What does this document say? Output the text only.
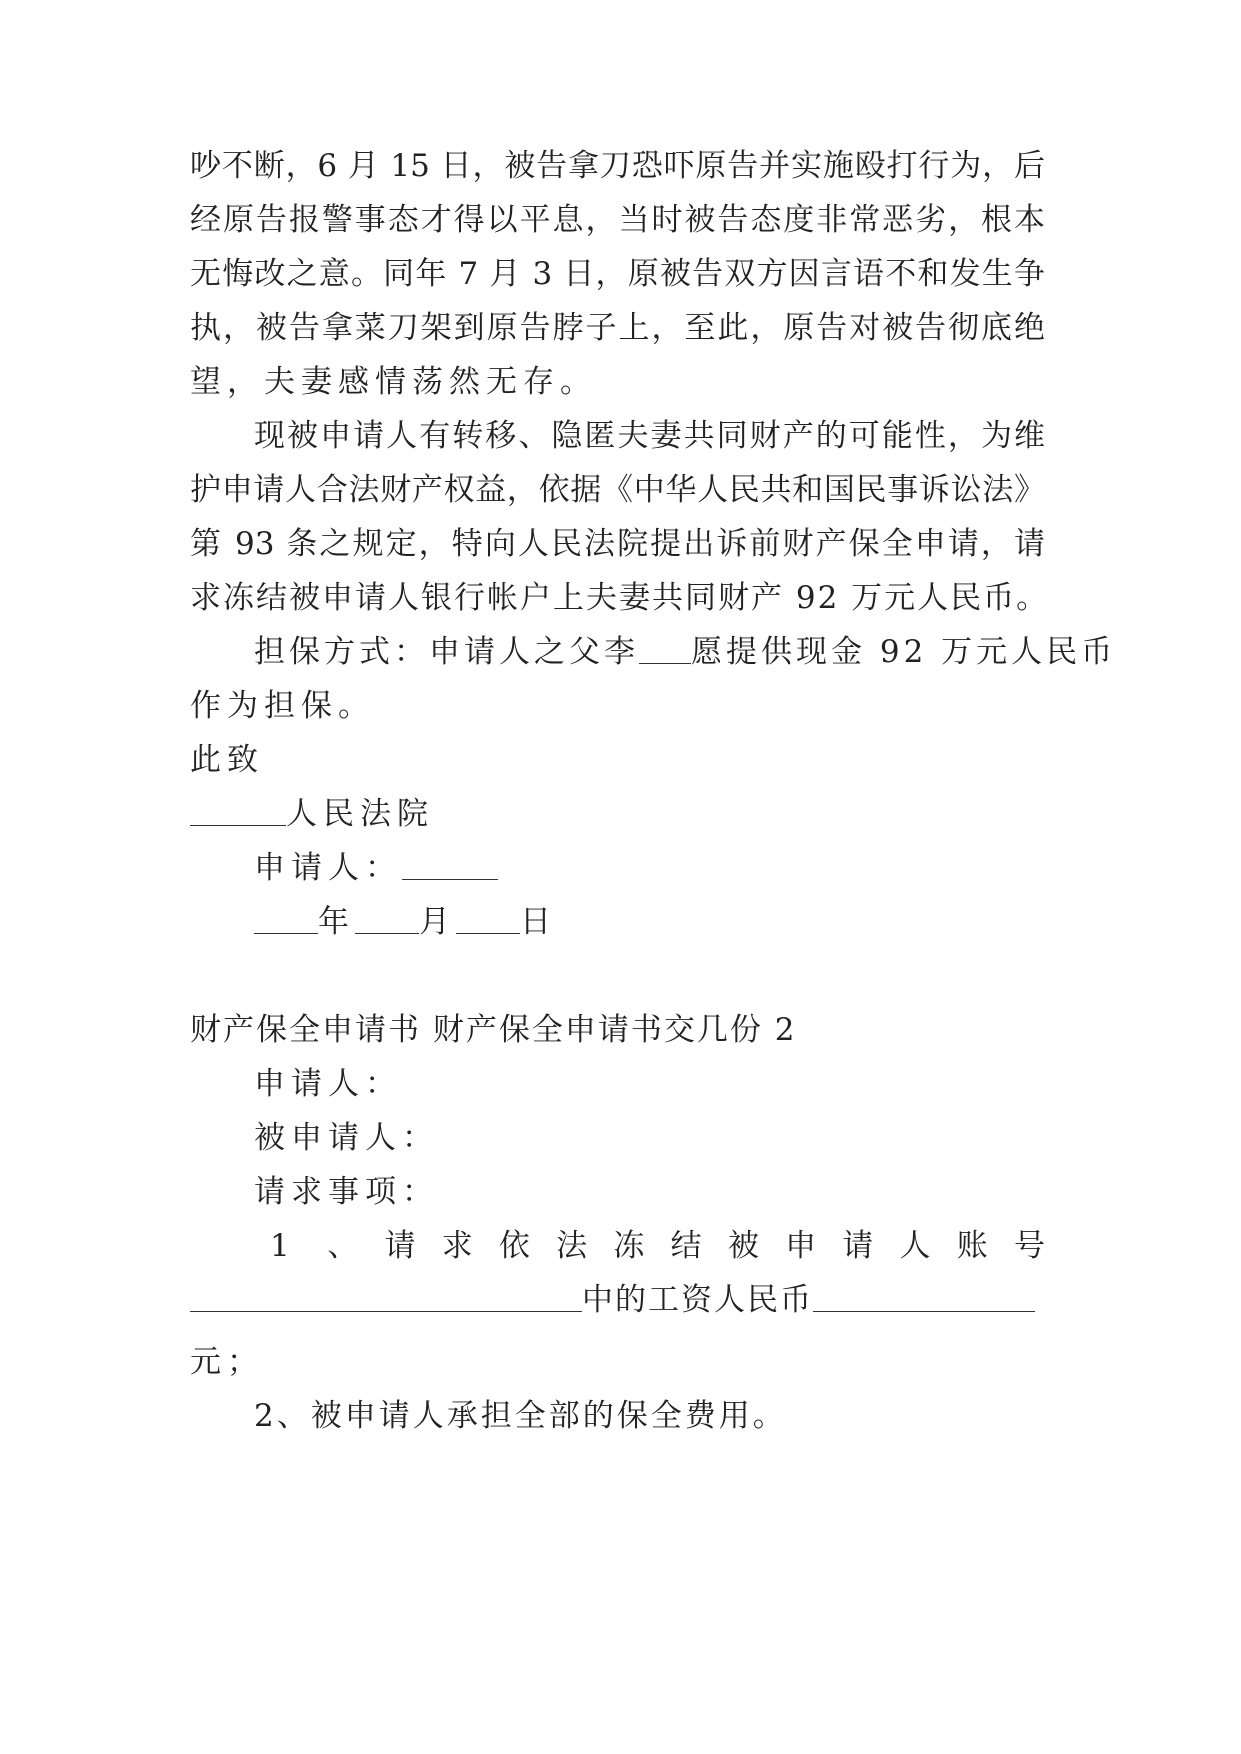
吵不断，6 月 15 日，被告拿刀恐吓原告并实施殴打行为，后
经原告报警事态才得以平息，当时被告态度非常恶劣，根本
无悔改之意。同年 7 月 3 日，原被告双方因言语不和发生争
执，被告拿菜刀架到原告脖子上，至此，原告对被告彻底绝
望，夫妻感情荡然无存。
现被申请人有转移、隐匿夫妻共同财产的可能性，为维
护申请人合法财产权益，依据《中华人民共和国民事诉讼法》
第 93 条之规定，特向人民法院提出诉前财产保全申请，请
求冻结被申请人银行帐户上夫妻共同财产 92 万元人民币。
担保方式：申请人之父李 愿提供现金 92 万元人民币
作为担保。
此致
人民法院
申请人：
年 月 日
财产保全申请书 财产保全申请书交几份 2
申请人：
被申请人：
请求事项：
1 、 请 求 依 法 冻 结 被 申 请 人 账 号
中的工资人民币
元；
2、被申请人承担全部的保全费用。
